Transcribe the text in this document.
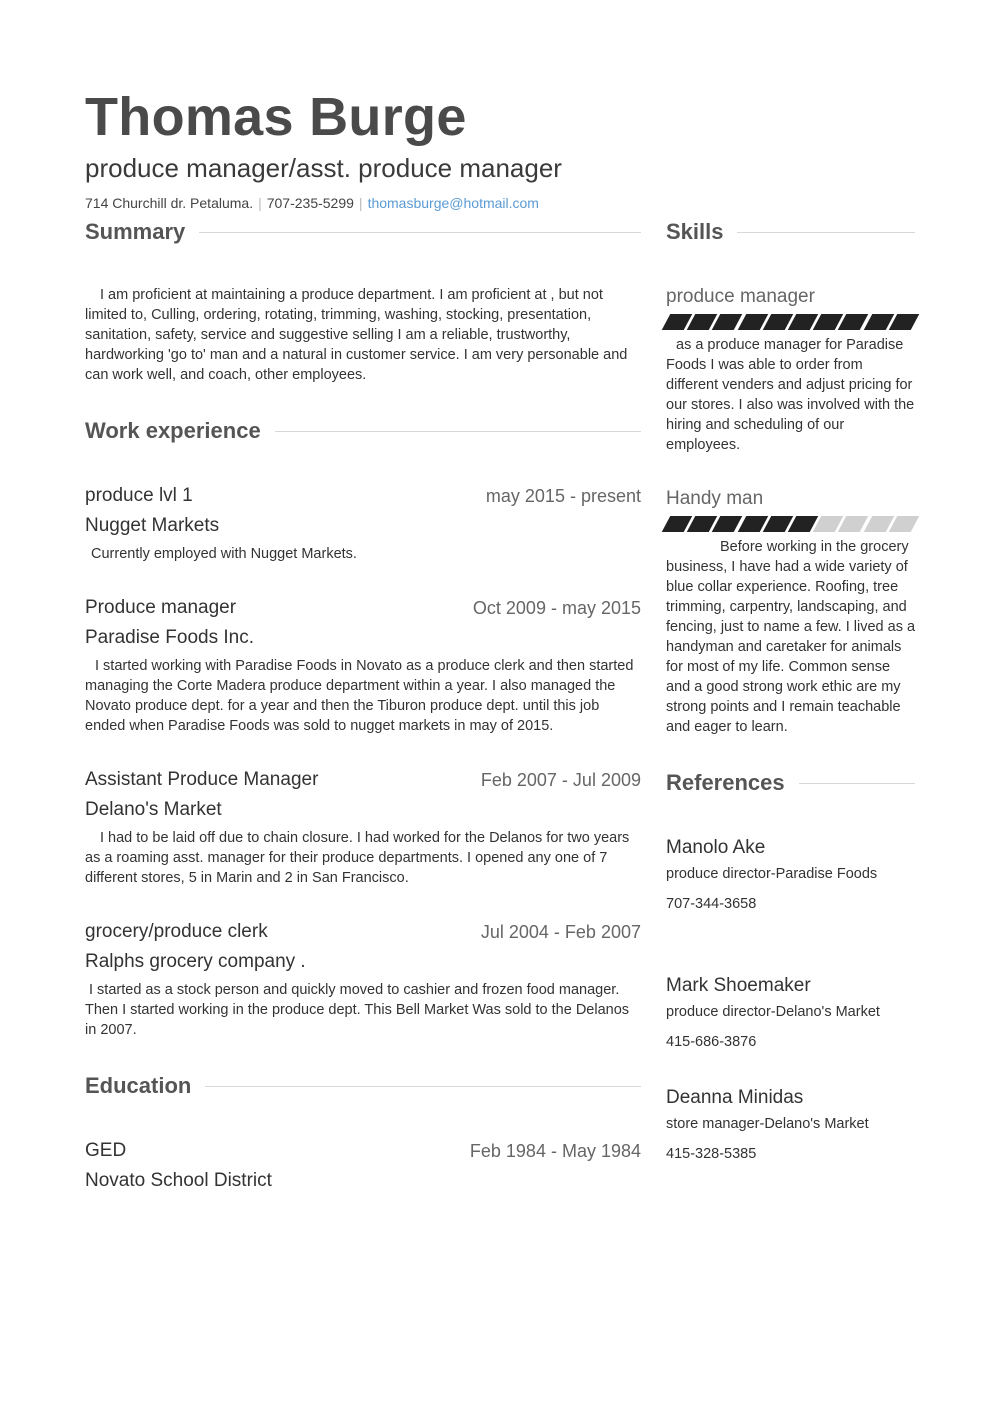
Thomas Burge
produce manager/asst. produce manager
714 Churchill dr. Petaluma. | 707-235-5299 | thomasburge@hotmail.com
Summary
I am proficient at maintaining a produce department. I am proficient at , but not limited to, Culling, ordering, rotating, trimming, washing, stocking, presentation, sanitation, safety, service and suggestive selling I am a reliable, trustworthy, hardworking 'go to' man and a natural in customer service. I am very personable and can work well, and coach, other employees.
Work experience
produce lvl 1	may 2015 - present
Nugget Markets
Currently employed with Nugget Markets.
Produce manager	Oct 2009 - may 2015
Paradise Foods Inc.
I started working with Paradise Foods in Novato as a produce clerk and then started managing the Corte Madera produce department within a year. I also managed the Novato produce dept. for a year and then the Tiburon produce dept. until this job ended when Paradise Foods was sold to nugget markets in may of 2015.
Assistant Produce Manager	Feb 2007 - Jul 2009
Delano's Market
I had to be laid off due to chain closure. I had worked for the Delanos for two years as a roaming asst. manager for their produce departments. I opened any one of 7 different stores, 5 in Marin and 2 in San Francisco.
grocery/produce clerk	Jul 2004 - Feb 2007
Ralphs grocery company .
I started as a stock person and quickly moved to cashier and frozen food manager. Then I started working in the produce dept. This Bell Market Was sold to the Delanos in 2007.
Education
GED	Feb 1984 - May 1984
Novato School District
Skills
produce manager
as a produce manager for Paradise Foods I was able to order from different venders and adjust pricing for our stores. I also was involved with the hiring and scheduling of our employees.
Handy man
Before working in the grocery business, I have had a wide variety of blue collar experience. Roofing, tree trimming, carpentry, landscaping, and fencing, just to name a few. I lived as a handyman and caretaker for animals for most of my life. Common sense and a good strong work ethic are my strong points and I remain teachable and eager to learn.
References
Manolo Ake
produce director-Paradise Foods
707-344-3658
Mark Shoemaker
produce director-Delano's Market
415-686-3876
Deanna Minidas
store manager-Delano's Market
415-328-5385
